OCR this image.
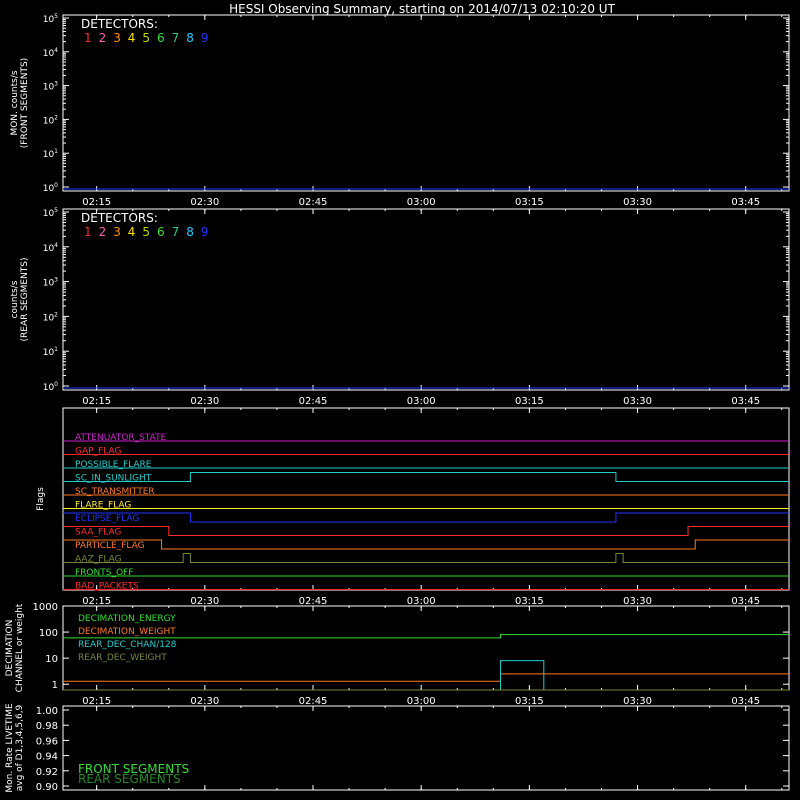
HESSI Observing Summary, starting on 2014/07/13 02:10:20 UT
02:15	02:30	02:45	03:00	03:15	03:30	03:45
MON. counts/s (FRONT SEGMENTS)
$10^5$
$10^4$
$10^3$
$10^2$
$10^1$
$10^0$
DETECTORS:
1 2 3 4 5 6 7 8 9
02:15	02:30	02:45	03:00	03:15	03:30	03:45
counts/s (REAR SEGMENTS)
$10^5$
$10^4$
$10^3$
$10^2$
$10^1$
$10^0$
DETECTORS:
1 2 3 4 5 6 7 8 9
02:15	02:30	02:45	03:00	03:15	03:30	03:45
Flags
ATTENUATOR_STATE
GAP_FLAG
POSSIBLE_FLARE
SC_IN_SUNLIGHT
SC_TRANSMITTER
FLARE_FLAG
ECLIPSE_FLAG
SAA_FLAG
PARTICLE_FLAG
AAZ_FLAG
FRONTS_OFF
BAD_PACKETS
02:15	02:30	02:45	03:00	03:15	03:30	03:45
DECIMATION CHANNEL or weight 1000
100
10
1
DECIMATION_ENERGY
DECIMATION_WEIGHT
REAR_DEC_CHAN/128
REAR_DEC_WEIGHT
Mon. Rate LIVETIME avg of D1,3,4,5,6,9 1.00
0.98
0.96
0.94
0.92
0.90
FRONT SEGMENTS
REAR SEGMENTS
